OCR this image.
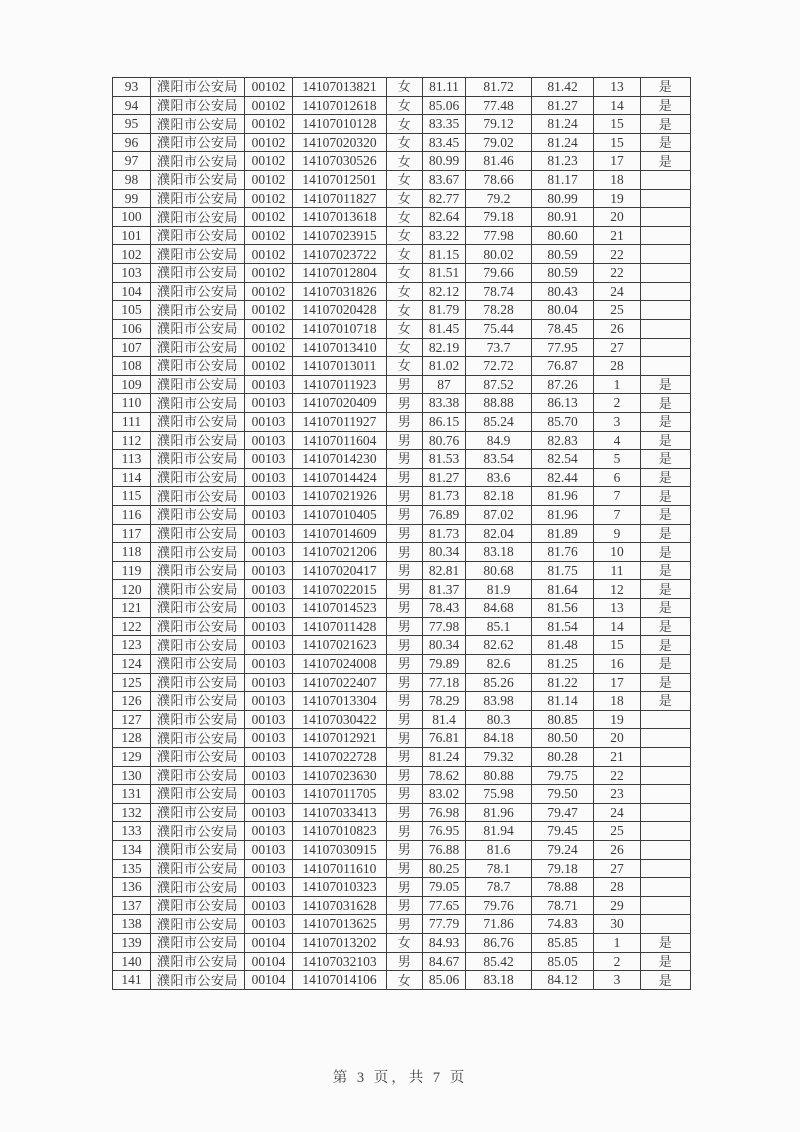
93	濮阳市公安局	00102	14107013821	女	81.11	81.72	81.42	13	是
94	濮阳市公安局	00102	14107012618	女	85.06	77.48	81.27	14	是
95	濮阳市公安局	00102	14107010128	女	83.35	79.12	81.24	15	是
96	濮阳市公安局	00102	14107020320	女	83.45	79.02	81.24	15	是
97	濮阳市公安局	00102	14107030526	女	80.99	81.46	81.23	17	是
98	濮阳市公安局	00102	14107012501	女	83.67	78.66	81.17	18	
99	濮阳市公安局	00102	14107011827	女	82.77	79.2	80.99	19	
100	濮阳市公安局	00102	14107013618	女	82.64	79.18	80.91	20	
101	濮阳市公安局	00102	14107023915	女	83.22	77.98	80.60	21	
102	濮阳市公安局	00102	14107023722	女	81.15	80.02	80.59	22	
103	濮阳市公安局	00102	14107012804	女	81.51	79.66	80.59	22	
104	濮阳市公安局	00102	14107031826	女	82.12	78.74	80.43	24	
105	濮阳市公安局	00102	14107020428	女	81.79	78.28	80.04	25	
106	濮阳市公安局	00102	14107010718	女	81.45	75.44	78.45	26	
107	濮阳市公安局	00102	14107013410	女	82.19	73.7	77.95	27	
108	濮阳市公安局	00102	14107013011	女	81.02	72.72	76.87	28	
109	濮阳市公安局	00103	14107011923	男	87	87.52	87.26	1	是
110	濮阳市公安局	00103	14107020409	男	83.38	88.88	86.13	2	是
111	濮阳市公安局	00103	14107011927	男	86.15	85.24	85.70	3	是
112	濮阳市公安局	00103	14107011604	男	80.76	84.9	82.83	4	是
113	濮阳市公安局	00103	14107014230	男	81.53	83.54	82.54	5	是
114	濮阳市公安局	00103	14107014424	男	81.27	83.6	82.44	6	是
115	濮阳市公安局	00103	14107021926	男	81.73	82.18	81.96	7	是
116	濮阳市公安局	00103	14107010405	男	76.89	87.02	81.96	7	是
117	濮阳市公安局	00103	14107014609	男	81.73	82.04	81.89	9	是
118	濮阳市公安局	00103	14107021206	男	80.34	83.18	81.76	10	是
119	濮阳市公安局	00103	14107020417	男	82.81	80.68	81.75	11	是
120	濮阳市公安局	00103	14107022015	男	81.37	81.9	81.64	12	是
121	濮阳市公安局	00103	14107014523	男	78.43	84.68	81.56	13	是
122	濮阳市公安局	00103	14107011428	男	77.98	85.1	81.54	14	是
123	濮阳市公安局	00103	14107021623	男	80.34	82.62	81.48	15	是
124	濮阳市公安局	00103	14107024008	男	79.89	82.6	81.25	16	是
125	濮阳市公安局	00103	14107022407	男	77.18	85.26	81.22	17	是
126	濮阳市公安局	00103	14107013304	男	78.29	83.98	81.14	18	是
127	濮阳市公安局	00103	14107030422	男	81.4	80.3	80.85	19	
128	濮阳市公安局	00103	14107012921	男	76.81	84.18	80.50	20	
129	濮阳市公安局	00103	14107022728	男	81.24	79.32	80.28	21	
130	濮阳市公安局	00103	14107023630	男	78.62	80.88	79.75	22	
131	濮阳市公安局	00103	14107011705	男	83.02	75.98	79.50	23	
132	濮阳市公安局	00103	14107033413	男	76.98	81.96	79.47	24	
133	濮阳市公安局	00103	14107010823	男	76.95	81.94	79.45	25	
134	濮阳市公安局	00103	14107030915	男	76.88	81.6	79.24	26	
135	濮阳市公安局	00103	14107011610	男	80.25	78.1	79.18	27	
136	濮阳市公安局	00103	14107010323	男	79.05	78.7	78.88	28	
137	濮阳市公安局	00103	14107031628	男	77.65	79.76	78.71	29	
138	濮阳市公安局	00103	14107013625	男	77.79	71.86	74.83	30	
139	濮阳市公安局	00104	14107013202	女	84.93	86.76	85.85	1	是
140	濮阳市公安局	00104	14107032103	男	84.67	85.42	85.05	2	是
141	濮阳市公安局	00104	14107014106	女	85.06	83.18	84.12	3	是
第 3 页，共 7 页
